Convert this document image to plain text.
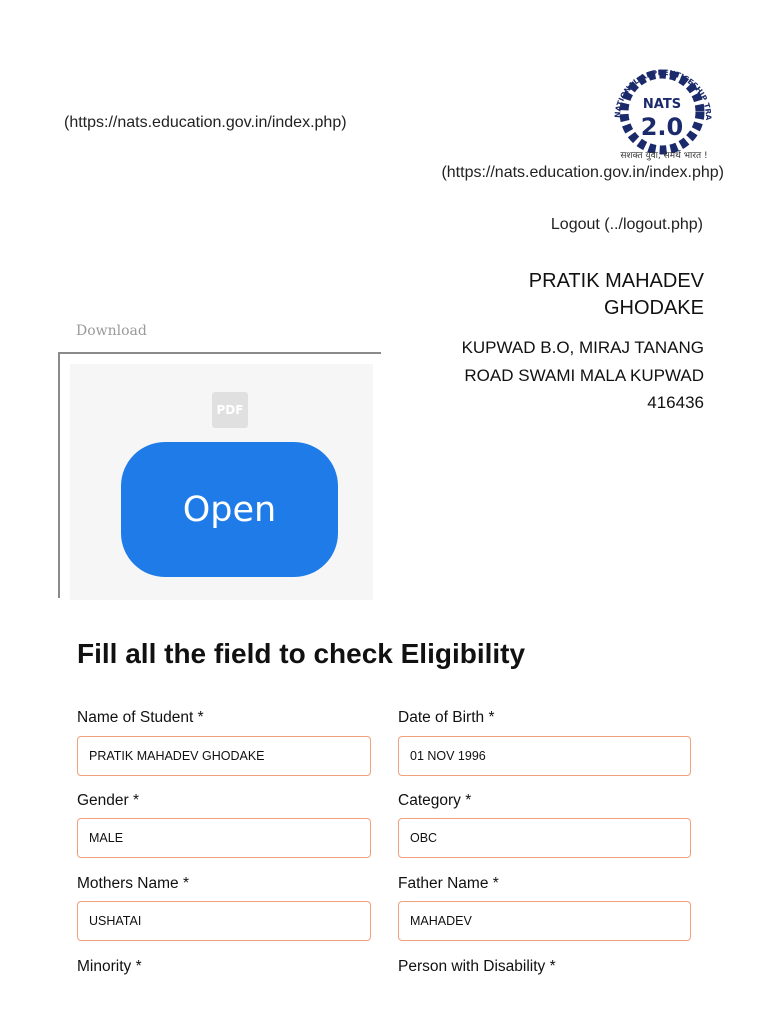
(https://nats.education.gov.in/index.php)	NATIONAL APPRENTICESHIP TRA
NATS
2.0
सशक्त युवा, समर्थ भारत !
(https://nats.education.gov.in/index.php)
Logout (../logout.php)
PRATIK MAHADEV
GHODAKE
KUPWAD B.O, MIRAJ TANANG
ROAD SWAMI MALA KUPWAD
416436
Download
PDF
Open
Fill all the field to check Eligibility
Name of Student *
PRATIK MAHADEV GHODAKE
Date of Birth *
01 NOV 1996
Gender *
MALE
Category *
OBC
Mothers Name *
USHATAI
Father Name *
MAHADEV
Minority *	Person with Disability *
